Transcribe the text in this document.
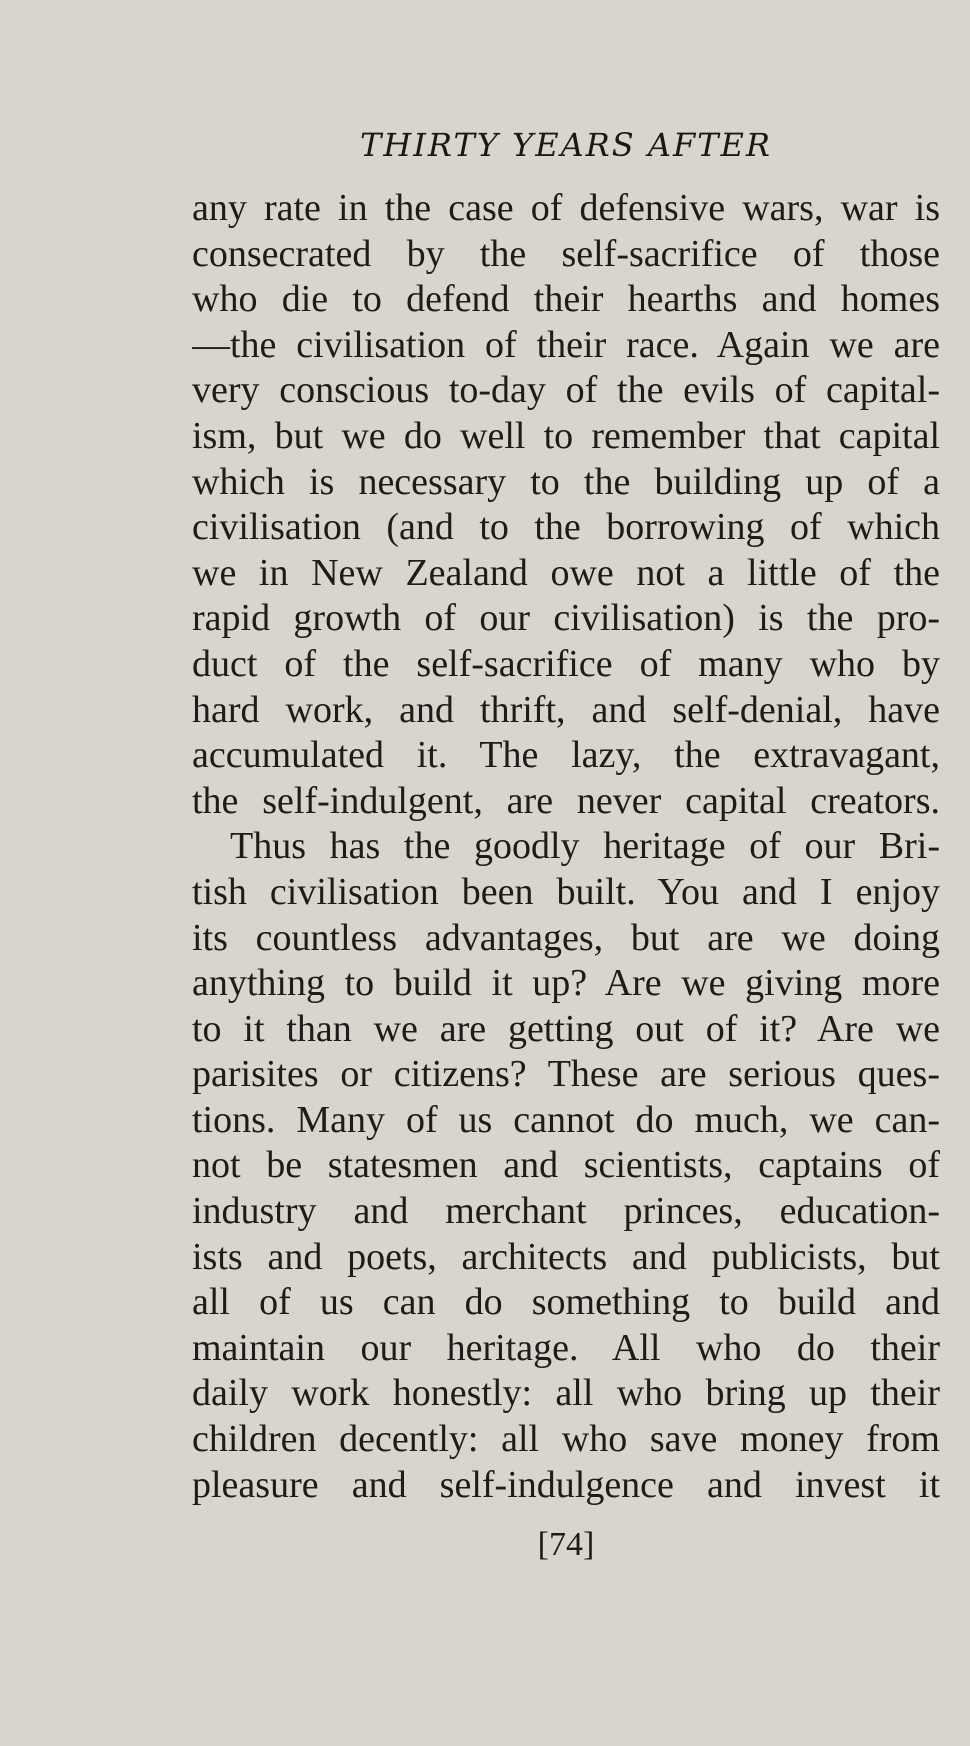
THIRTY YEARS AFTER
any rate in the case of defensive wars, war is
consecrated by the self-sacrifice of those
who die to defend their hearths and homes
—the civilisation of their race. Again we are
very conscious to-day of the evils of capital-
ism, but we do well to remember that capital
which is necessary to the building up of a
civilisation (and to the borrowing of which
we in New Zealand owe not a little of the
rapid growth of our civilisation) is the pro-
duct of the self-sacrifice of many who by
hard work, and thrift, and self-denial, have
accumulated it. The lazy, the extravagant,
the self-indulgent, are never capital creators.
Thus has the goodly heritage of our Bri-
tish civilisation been built. You and I enjoy
its countless advantages, but are we doing
anything to build it up? Are we giving more
to it than we are getting out of it? Are we
parisites or citizens? These are serious ques-
tions. Many of us cannot do much, we can-
not be statesmen and scientists, captains of
industry and merchant princes, education-
ists and poets, architects and publicists, but
all of us can do something to build and
maintain our heritage. All who do their
daily work honestly: all who bring up their
children decently: all who save money from
pleasure and self-indulgence and invest it
[74]
